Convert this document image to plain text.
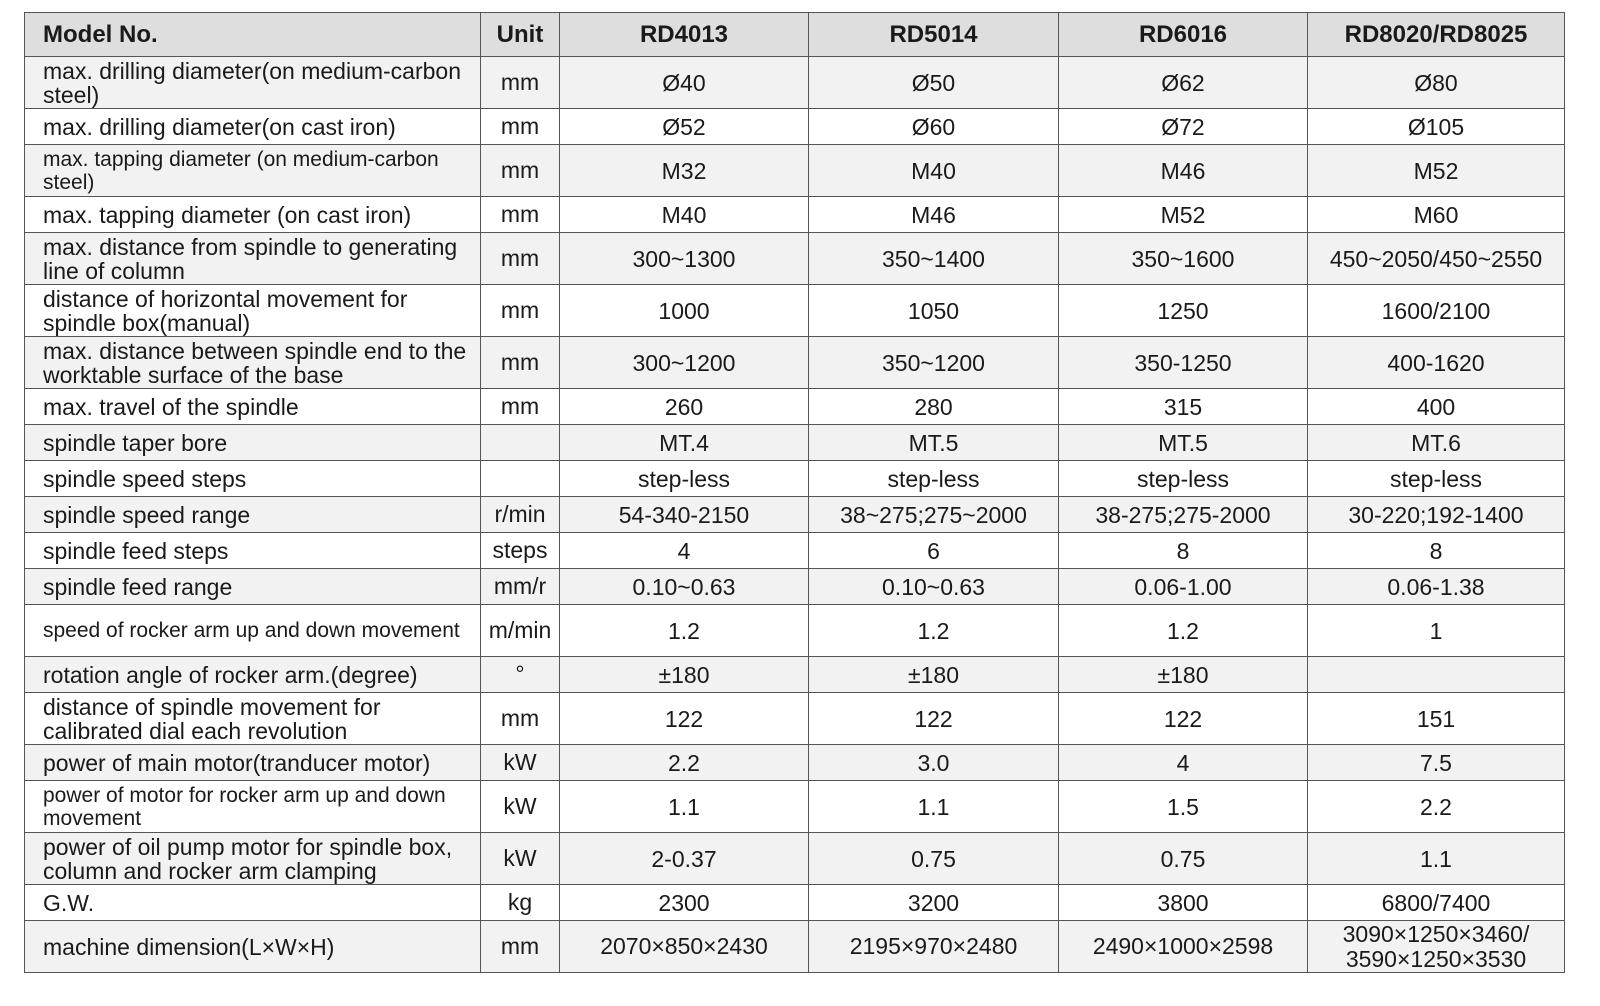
Model No.	Unit	RD4013	RD5014	RD6016	RD8020/RD8025
max. drilling diameter(on medium-carbon steel)	mm	Ø40	Ø50	Ø62	Ø80
max. drilling diameter(on cast iron)	mm	Ø52	Ø60	Ø72	Ø105
max. tapping diameter (on medium-carbon steel)	mm	M32	M40	M46	M52
max. tapping diameter (on cast iron)	mm	M40	M46	M52	M60
max. distance from spindle to generating line of column	mm	300~1300	350~1400	350~1600	450~2050/450~2550
distance of horizontal movement for spindle box(manual)	mm	1000	1050	1250	1600/2100
max. distance between spindle end to the worktable surface of the base	mm	300~1200	350~1200	350-1250	400-1620
max. travel of the spindle	mm	260	280	315	400
spindle taper bore		MT.4	MT.5	MT.5	MT.6
spindle speed steps		step-less	step-less	step-less	step-less
spindle speed range	r/min	54-340-2150	38~275;275~2000	38-275;275-2000	30-220;192-1400
spindle feed steps	steps	4	6	8	8
spindle feed range	mm/r	0.10~0.63	0.10~0.63	0.06-1.00	0.06-1.38
speed of rocker arm up and down movement	m/min	1.2	1.2	1.2	1
rotation angle of rocker arm.(degree)	°	±180	±180	±180	
distance of spindle movement for calibrated dial each revolution	mm	122	122	122	151
power of main motor(tranducer motor)	kW	2.2	3.0	4	7.5
power of motor for rocker arm up and down movement	kW	1.1	1.1	1.5	2.2
power of oil pump motor for spindle box, column and rocker arm clamping	kW	2-0.37	0.75	0.75	1.1
G.W.	kg	2300	3200	3800	6800/7400
machine dimension(L×W×H)	mm	2070×850×2430	2195×970×2480	2490×1000×2598	3090×1250×3460/ 3590×1250×3530
